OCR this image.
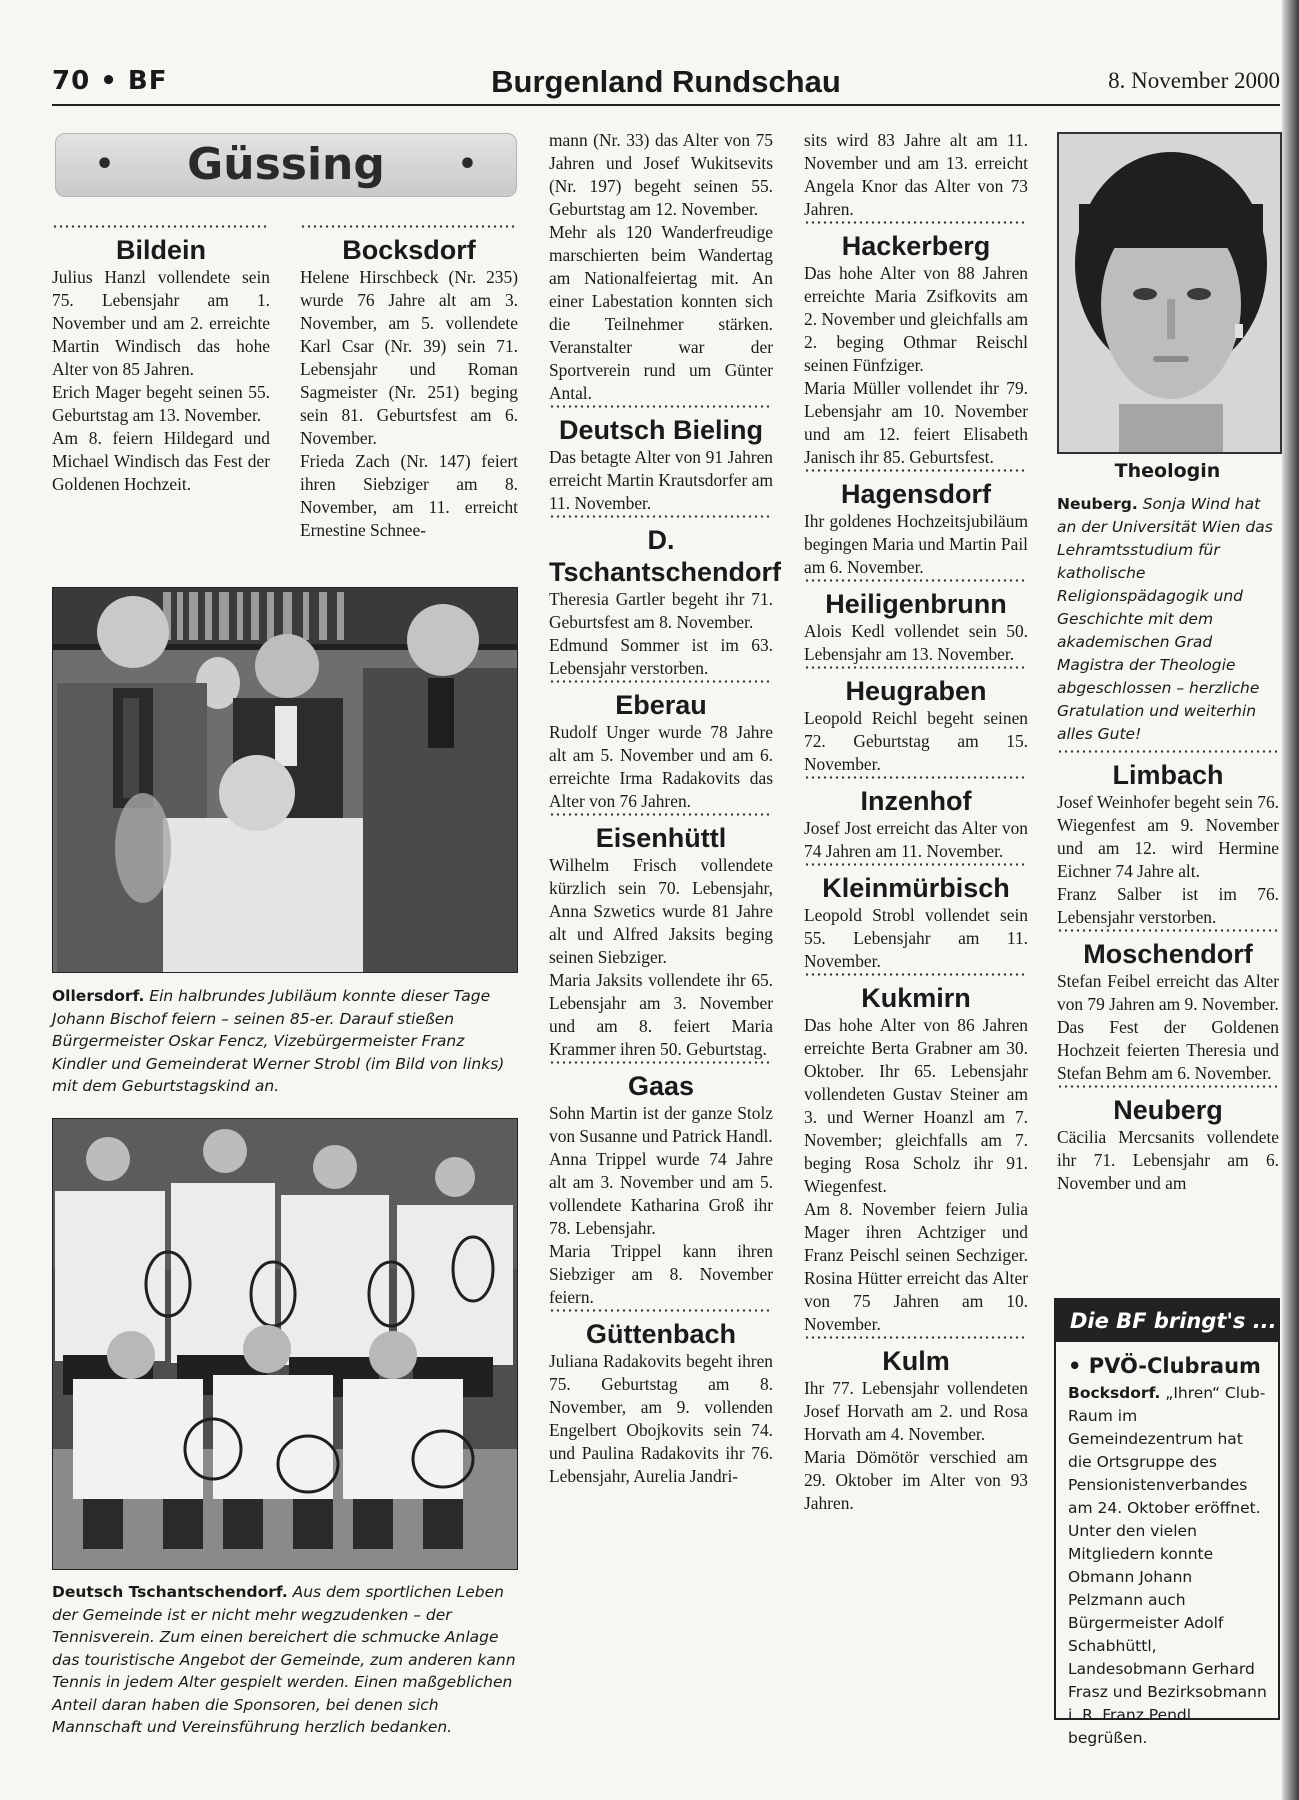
70 • BF	Burgenland Rundschau	8. November 2000
• Güssing •
Bildein

Julius Hanzl vollendete sein 75. Lebensjahr am 1. November und am 2. erreichte Martin Windisch das hohe Alter von 85 Jahren.

Erich Mager begeht seinen 55. Geburtstag am 13. November.

Am 8. feiern Hildegard und Michael Windisch das Fest der Goldenen Hochzeit.

Bocksdorf

Helene Hirschbeck (Nr. 235) wurde 76 Jahre alt am 3. November, am 5. vollendete Karl Csar (Nr. 39) sein 71. Lebensjahr und Roman Sagmeister (Nr. 251) beging sein 81. Geburtsfest am 6. November.

Frieda Zach (Nr. 147) feiert ihren Siebziger am 8. November, am 11. erreicht Ernestine Schnee-

Ollersdorf. Ein halbrundes Jubiläum konnte dieser Tage Johann Bischof feiern – seinen 85-er. Darauf stießen Bürgermeister Oskar Fencz, Vizebürgermeister Franz Kindler und Gemeinderat Werner Strobl (im Bild von links) mit dem Geburtstagskind an.
Deutsch Tschantschendorf. Aus dem sportlichen Leben der Gemeinde ist er nicht mehr wegzudenken – der Tennisverein. Zum einen bereichert die schmucke Anlage das touristische Angebot der Gemeinde, zum anderen kann Tennis in jedem Alter gespielt werden. Einen maßgeblichen Anteil daran haben die Sponsoren, bei denen sich Mannschaft und Vereinsführung herzlich bedanken.

mann (Nr. 33) das Alter von 75 Jahren und Josef Wukitsevits (Nr. 197) begeht seinen 55. Geburtstag am 12. November.

Mehr als 120 Wanderfreudige marschierten beim Wandertag am Nationalfeiertag mit. An einer Labestation konnten sich die Teilnehmer stärken. Veranstalter war der Sportverein rund um Günter Antal.

Deutsch Bieling

Das betagte Alter von 91 Jahren erreicht Martin Krautsdorfer am 11. November.

D. Tschantschendorf

Theresia Gartler begeht ihr 71. Geburtsfest am 8. November.

Edmund Sommer ist im 63. Lebensjahr verstorben.

Eberau

Rudolf Unger wurde 78 Jahre alt am 5. November und am 6. erreichte Irma Radakovits das Alter von 76 Jahren.

Eisenhüttl

Wilhelm Frisch vollendete kürzlich sein 70. Lebensjahr, Anna Szwetics wurde 81 Jahre alt und Alfred Jaksits beging seinen Siebziger.

Maria Jaksits vollendete ihr 65. Lebensjahr am 3. November und am 8. feiert Maria Krammer ihren 50. Geburtstag.

Gaas

Sohn Martin ist der ganze Stolz von Susanne und Patrick Handl.

Anna Trippel wurde 74 Jahre alt am 3. November und am 5. vollendete Katharina Groß ihr 78. Lebensjahr.

Maria Trippel kann ihren Siebziger am 8. November feiern.

Güttenbach

Juliana Radakovits begeht ihren 75. Geburtstag am 8. November, am 9. vollenden Engelbert Obojkovits sein 74. und Paulina Radakovits ihr 76. Lebensjahr, Aurelia Jandri-

sits wird 83 Jahre alt am 11. November und am 13. erreicht Angela Knor das Alter von 73 Jahren.

Hackerberg

Das hohe Alter von 88 Jahren erreichte Maria Zsifkovits am 2. November und gleichfalls am 2. beging Othmar Reischl seinen Fünfziger.

Maria Müller vollendet ihr 79. Lebensjahr am 10. November und am 12. feiert Elisabeth Janisch ihr 85. Geburtsfest.

Hagensdorf

Ihr goldenes Hochzeitsjubiläum begingen Maria und Martin Pail am 6. November.

Heiligenbrunn

Alois Kedl vollendet sein 50. Lebensjahr am 13. November.

Heugraben

Leopold Reichl begeht seinen 72. Geburtstag am 15. November.

Inzenhof

Josef Jost erreicht das Alter von 74 Jahren am 11. November.

Kleinmürbisch

Leopold Strobl vollendet sein 55. Lebensjahr am 11. November.

Kukmirn

Das hohe Alter von 86 Jahren erreichte Berta Grabner am 30. Oktober. Ihr 65. Lebensjahr vollendeten Gustav Steiner am 3. und Werner Hoanzl am 7. November; gleichfalls am 7. beging Rosa Scholz ihr 91. Wiegenfest.

Am 8. November feiern Julia Mager ihren Achtziger und Franz Peischl seinen Sechziger. Rosina Hütter erreicht das Alter von 75 Jahren am 10. November.

Kulm

Ihr 77. Lebensjahr vollendeten Josef Horvath am 2. und Rosa Horvath am 4. November.

Maria Dömötör verschied am 29. Oktober im Alter von 93 Jahren.

Theologin
Neuberg. Sonja Wind hat an der Universität Wien das Lehramtsstudium für katholische Religionspädagogik und Geschichte mit dem akademischen Grad Magistra der Theologie abgeschlossen – herzliche Gratulation und weiterhin alles Gute!
Limbach

Josef Weinhofer begeht sein 76. Wiegenfest am 9. November und am 12. wird Hermine Eichner 74 Jahre alt.

Franz Salber ist im 76. Lebensjahr verstorben.

Moschendorf

Stefan Feibel erreicht das Alter von 79 Jahren am 9. November.

Das Fest der Goldenen Hochzeit feierten Theresia und Stefan Behm am 6. November.

Neuberg

Cäcilia Mercsanits vollendete ihr 71. Lebensjahr am 6. November und am

Die BF bringt's ...
• PVÖ-Clubraum
Bocksdorf. „Ihren“ Club-Raum im Gemeindezentrum hat die Ortsgruppe des Pensionistenverbandes am 24. Oktober eröffnet. Unter den vielen Mitgliedern konnte Obmann Johann Pelzmann auch Bürgermeister Adolf Schabhüttl, Landesobmann Gerhard Frasz und Bezirksobmann i. R. Franz Pendl begrüßen.
